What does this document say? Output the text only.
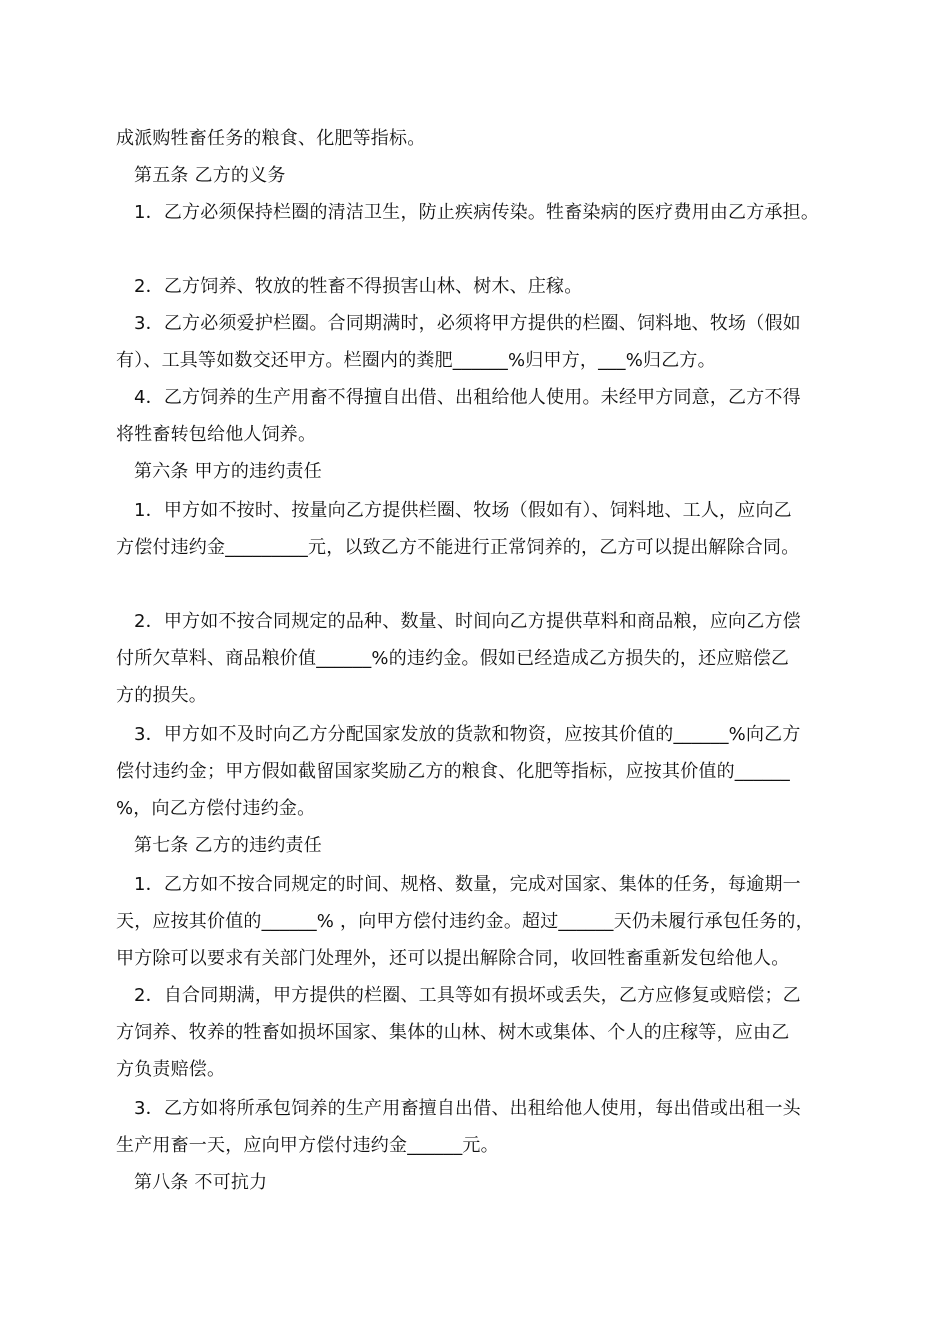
成派购牲畜任务的粮食、化肥等指标。
第五条 乙方的义务
1．乙方必须保持栏圈的清洁卫生，防止疾病传染。牲畜染病的医疗费用由乙方承担。
2．乙方饲养、牧放的牲畜不得损害山林、树木、庄稼。
3．乙方必须爱护栏圈。合同期满时，必须将甲方提供的栏圈、饲料地、牧场（假如
有）、工具等如数交还甲方。栏圈内的粪肥______%归甲方，___%归乙方。
4．乙方饲养的生产用畜不得擅自出借、出租给他人使用。未经甲方同意，乙方不得
将牲畜转包给他人饲养。
第六条 甲方的违约责任
1．甲方如不按时、按量向乙方提供栏圈、牧场（假如有）、饲料地、工人，应向乙
方偿付违约金_________元，以致乙方不能进行正常饲养的，乙方可以提出解除合同。
2．甲方如不按合同规定的品种、数量、时间向乙方提供草料和商品粮，应向乙方偿
付所欠草料、商品粮价值______%的违约金。假如已经造成乙方损失的，还应赔偿乙
方的损失。
3．甲方如不及时向乙方分配国家发放的货款和物资，应按其价值的______%向乙方
偿付违约金；甲方假如截留国家奖励乙方的粮食、化肥等指标，应按其价值的______
%，向乙方偿付违约金。
第七条 乙方的违约责任
1．乙方如不按合同规定的时间、规格、数量，完成对国家、集体的任务，每逾期一
天，应按其价值的______% ，向甲方偿付违约金。超过______天仍未履行承包任务的，
甲方除可以要求有关部门处理外，还可以提出解除合同，收回牲畜重新发包给他人。
2．自合同期满，甲方提供的栏圈、工具等如有损坏或丢失，乙方应修复或赔偿；乙
方饲养、牧养的牲畜如损坏国家、集体的山林、树木或集体、个人的庄稼等，应由乙
方负责赔偿。
3．乙方如将所承包饲养的生产用畜擅自出借、出租给他人使用，每出借或出租一头
生产用畜一天，应向甲方偿付违约金______元。
第八条 不可抗力
